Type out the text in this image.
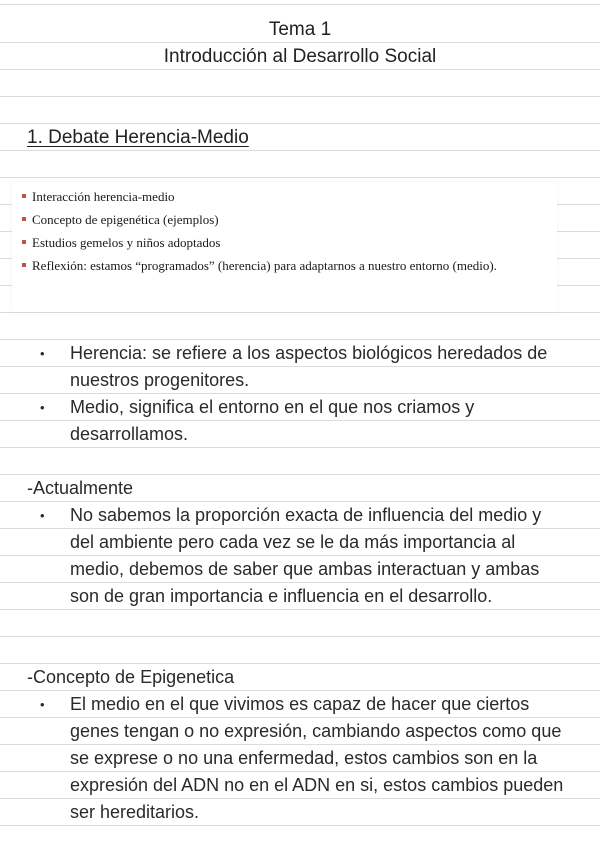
Tema 1
Introducción al Desarrollo Social
1. Debate Herencia-Medio
Interacción herencia-medio
Concepto de epigenética (ejemplos)
Estudios gemelos y niños adoptados
Reflexión: estamos “programados” (herencia) para adaptarnos a nuestro entorno (medio).
• Herencia: se refiere a los aspectos biológicos heredados de nuestros progenitores.
• Medio, significa el entorno en el que nos criamos y desarrollamos.
-Actualmente
• No sabemos la proporción exacta de influencia del medio y del ambiente pero cada vez se le da más importancia al medio, debemos de saber que ambas interactuan y ambas son de gran importancia e influencia en el desarrollo.
-Concepto de Epigenetica
• El medio en el que vivimos es capaz de hacer que ciertos genes tengan o no expresión, cambiando aspectos como que se exprese o no una enfermedad, estos cambios son en la expresión del ADN no en el ADN en si, estos cambios pueden ser hereditarios.
